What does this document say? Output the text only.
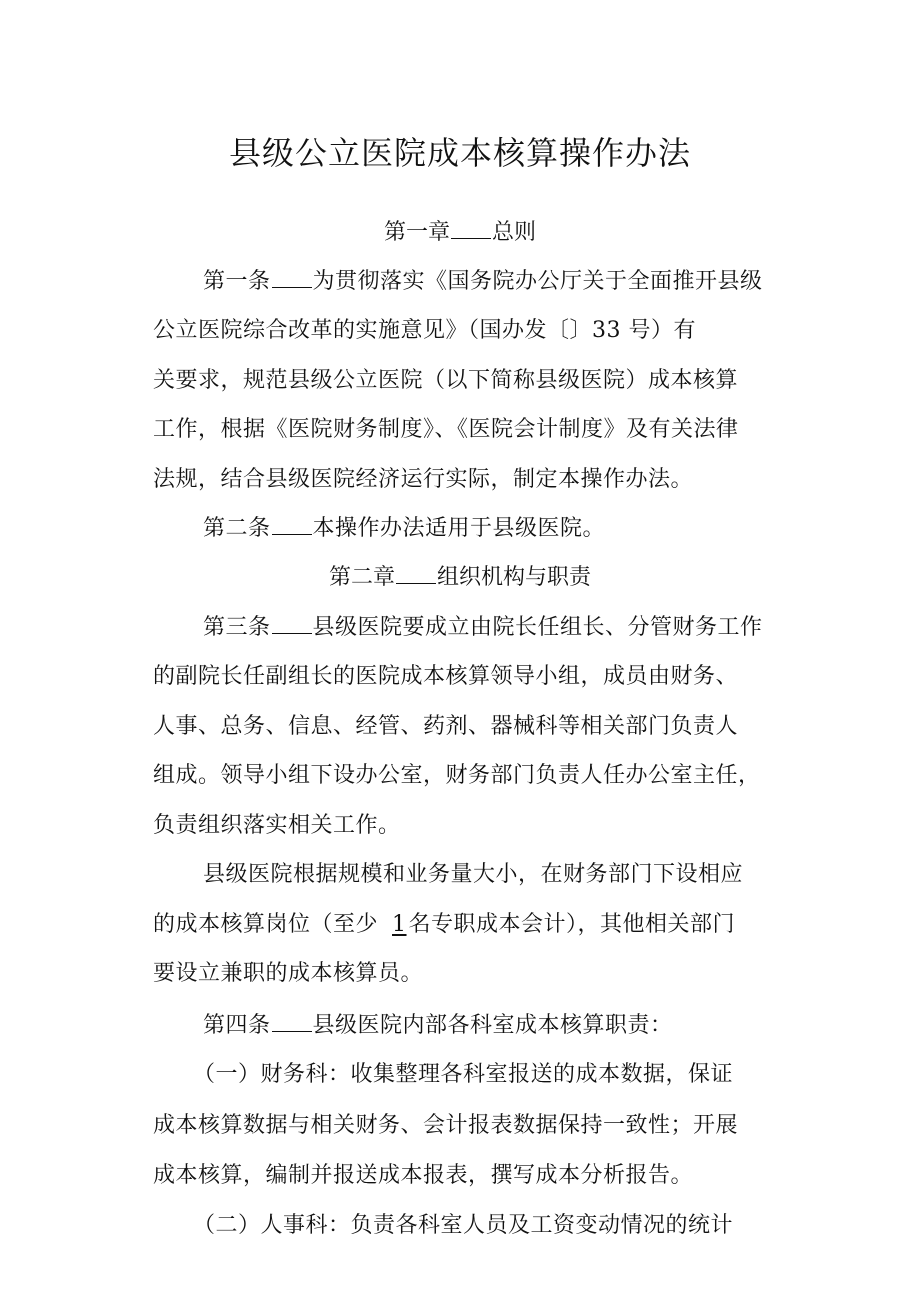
县级公立医院成本核算操作办法
第一章 总则
第一条 为贯彻落实《国务院办公厅关于全面推开县级
公立医院综合改革的实施意见》（国办发〔〕33 号）有
关要求，规范县级公立医院（以下简称县级医院）成本核算
工作，根据《医院财务制度》、《医院会计制度》及有关法律
法规，结合县级医院经济运行实际，制定本操作办法。
第二条 本操作办法适用于县级医院。
第二章 组织机构与职责
第三条 县级医院要成立由院长任组长、分管财务工作
的副院长任副组长的医院成本核算领导小组，成员由财务、
人事、总务、信息、经管、药剂、器械科等相关部门负责人
组成。领导小组下设办公室，财务部门负责人任办公室主任，
负责组织落实相关工作。
县级医院根据规模和业务量大小，在财务部门下设相应
的成本核算岗位（至少 1名专职成本会计），其他相关部门
要设立兼职的成本核算员。
第四条 县级医院内部各科室成本核算职责：
（一）财务科：收集整理各科室报送的成本数据，保证
成本核算数据与相关财务、会计报表数据保持一致性；开展
成本核算，编制并报送成本报表，撰写成本分析报告。
（二）人事科：负责各科室人员及工资变动情况的统计
